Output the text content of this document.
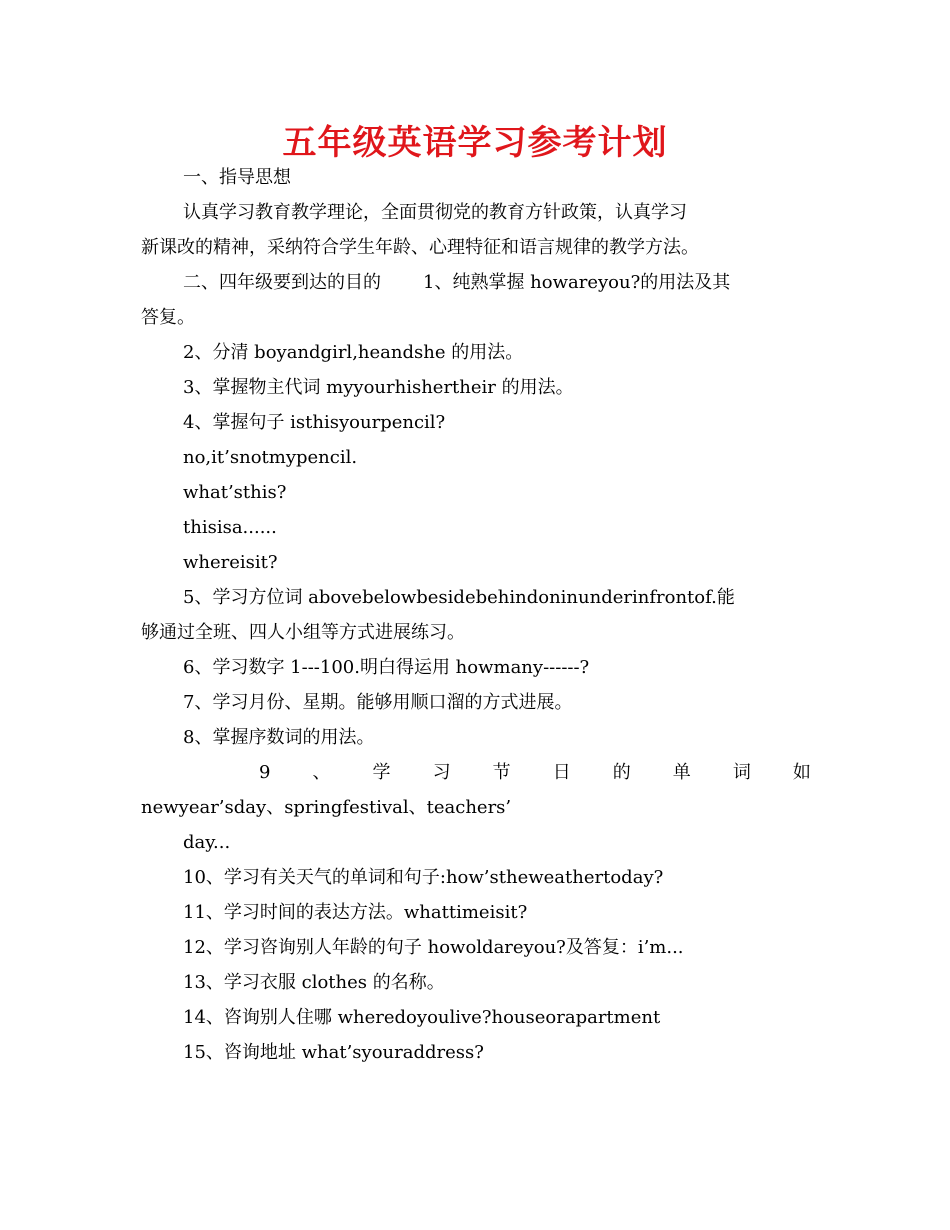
五年级英语学习参考计划

一、指导思想

认真学习教育教学理论，全面贯彻党的教育方针政策，认真学习

新课改的精神，采纳符合学生年龄、心理特征和语言规律的教学方法。

二、四年级要到达的目的 1、纯熟掌握 howareyou?的用法及其

答复。

2、分清 boyandgirl,heandshe 的用法。

3、掌握物主代词 myyourhishertheir 的用法。

4、掌握句子 isthisyourpencil?

no,it’snotmypencil.

what’sthis?

thisisa......

whereisit?

5、学习方位词 abovebelowbesidebehindoninunderinfrontof.能

够通过全班、四人小组等方式进展练习。

6、学习数字 1---100.明白得运用 howmany------?

7、学习月份、星期。能够用顺口溜的方式进展。

8、掌握序数词的用法。

9 、 学 习 节 日 的 单 词 如

newyear’sday、springfestival、teachers’

day...

10、学习有关天气的单词和句子:how’stheweathertoday?

11、学习时间的表达方法。whattimeisit?

12、学习咨询别人年龄的句子 howoldareyou?及答复：i’m...

13、学习衣服 clothes 的名称。

14、咨询别人住哪 wheredoyoulive?houseorapartment

15、咨询地址 what’syouraddress?
